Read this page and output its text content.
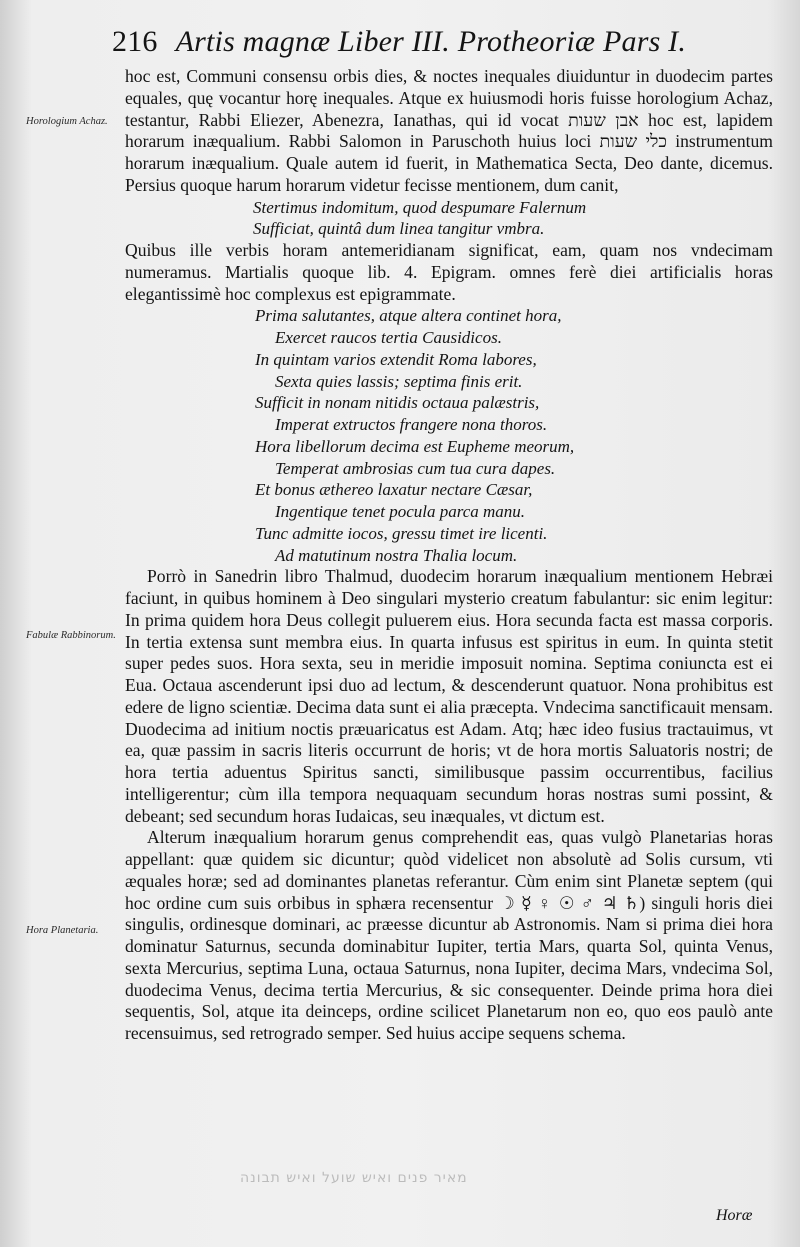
216 Artis magnæ Liber III. Protheoriæ Pars I.
Horologium Achaz.
Fabulæ Rabbinorum.
Hora Planetaria.

hoc est, Communi consensu orbis dies, & noctes inequales diuiduntur in duodecim partes equales, quę vocantur horę inequales. Atque ex huiusmodi horis fuisse horologium Achaz, testantur, Rabbi Eliezer, Abenezra, Ianathas, qui id vocat אבן שעות hoc est, lapidem horarum inæqualium. Rabbi Salomon in Paruschoth huius loci כלי שעות instrumentum horarum inæqualium. Quale autem id fuerit, in Mathematica Secta, Deo dante, dicemus. Persius quoque harum horarum videtur fecisse mentionem, dum canit,

Stertimus indomitum, quod despumare Falernum
Sufficiat, quintâ dum linea tangitur vmbra.

Quibus ille verbis horam antemeridianam significat, eam, quam nos vndecimam numeramus. Martialis quoque lib. 4. Epigram. omnes ferè diei artificialis horas elegantissimè hoc complexus est epigrammate.

Prima salutantes, atque altera continet hora,
Exercet raucos tertia Causidicos.
In quintam varios extendit Roma labores,
Sexta quies lassis; septima finis erit.
Sufficit in nonam nitidis octaua palæstris,
Imperat extructos frangere nona thoros.
Hora libellorum decima est Eupheme meorum,
Temperat ambrosias cum tua cura dapes.
Et bonus æthereo laxatur nectare Cæsar,
Ingentique tenet pocula parca manu.
Tunc admitte iocos, gressu timet ire licenti.
Ad matutinum nostra Thalia locum.

Porrò in Sanedrin libro Thalmud, duodecim horarum inæqualium mentionem Hebræi faciunt, in quibus hominem à Deo singulari mysterio creatum fabulantur: sic enim legitur: In prima quidem hora Deus collegit puluerem eius. Hora secunda facta est massa corporis. In tertia extensa sunt membra eius. In quarta infusus est spiritus in eum. In quinta stetit super pedes suos. Hora sexta, seu in meridie imposuit nomina. Septima coniuncta est ei Eua. Octaua ascenderunt ipsi duo ad lectum, & descenderunt quatuor. Nona prohibitus est edere de ligno scientiæ. Decima data sunt ei alia præcepta. Vndecima sanctificauit mensam. Duodecima ad initium noctis præuaricatus est Adam. Atq; hæc ideo fusius tractauimus, vt ea, quæ passim in sacris literis occurrunt de horis; vt de hora mortis Saluatoris nostri; de hora tertia aduentus Spiritus sancti, similibusque passim occurrentibus, facilius intelligerentur; cùm illa tempora nequaquam secundum horas nostras sumi possint, & debeant; sed secundum horas Iudaicas, seu inæquales, vt dictum est.

Alterum inæqualium horarum genus comprehendit eas, quas vulgò Planetarias horas appellant: quæ quidem sic dicuntur; quòd videlicet non absolutè ad Solis cursum, vti æquales horæ; sed ad dominantes planetas referantur. Cùm enim sint Planetæ septem (qui hoc ordine cum suis orbibus in sphæra recensentur ☽ ☿ ♀ ☉ ♂ ♃ ♄) singuli horis diei singulis, ordinesque dominari, ac præesse dicuntur ab Astronomis. Nam si prima diei hora dominatur Saturnus, secunda dominabitur Iupiter, tertia Mars, quarta Sol, quinta Venus, sexta Mercurius, septima Luna, octaua Saturnus, nona Iupiter, decima Mars, vndecima Sol, duodecima Venus, decima tertia Mercurius, & sic consequenter. Deinde prima hora diei sequentis, Sol, atque ita deinceps, ordine scilicet Planetarum non eo, quo eos paulò ante recensuimus, sed retrogrado semper. Sed huius accipe sequens schema.

מאיר פנים ואיש שועל ואיש תבונה
Horæ
